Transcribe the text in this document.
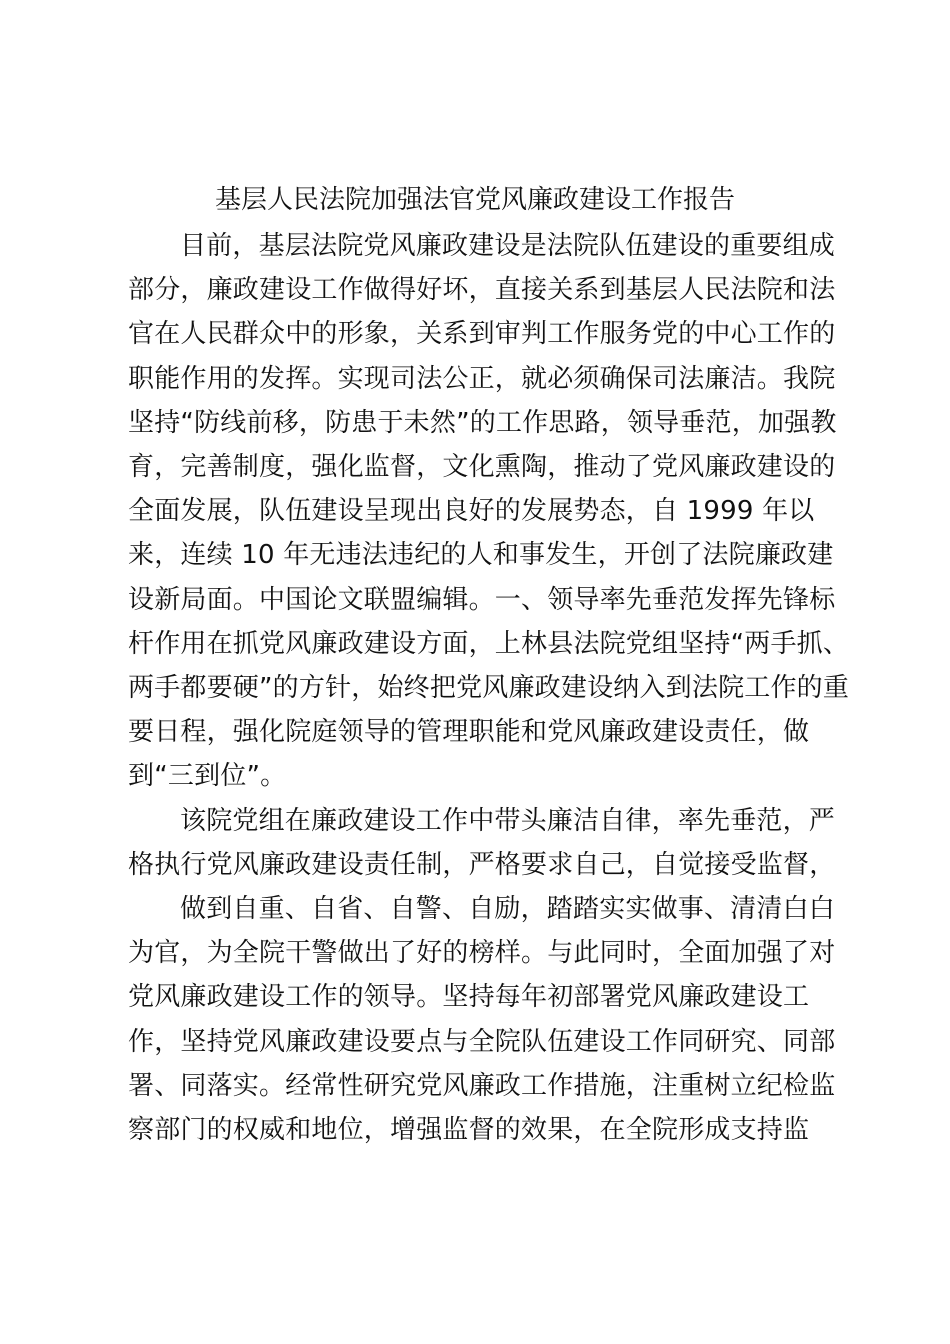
基层人民法院加强法官党风廉政建设工作报告
目前，基层法院党风廉政建设是法院队伍建设的重要组成
部分，廉政建设工作做得好坏，直接关系到基层人民法院和法
官在人民群众中的形象，关系到审判工作服务党的中心工作的
职能作用的发挥。实现司法公正，就必须确保司法廉洁。我院
坚持“防线前移，防患于未然”的工作思路，领导垂范，加强教
育，完善制度，强化监督，文化熏陶，推动了党风廉政建设的
全面发展，队伍建设呈现出良好的发展势态，自 1999 年以
来，连续 10 年无违法违纪的人和事发生，开创了法院廉政建
设新局面。中国论文联盟编辑。一、领导率先垂范发挥先锋标
杆作用在抓党风廉政建设方面，上林县法院党组坚持“两手抓、
两手都要硬”的方针，始终把党风廉政建设纳入到法院工作的重
要日程，强化院庭领导的管理职能和党风廉政建设责任，做
到“三到位”。
该院党组在廉政建设工作中带头廉洁自律，率先垂范，严
格执行党风廉政建设责任制，严格要求自己，自觉接受监督，
做到自重、自省、自警、自励，踏踏实实做事、清清白白
为官，为全院干警做出了好的榜样。与此同时，全面加强了对
党风廉政建设工作的领导。坚持每年初部署党风廉政建设工
作，坚持党风廉政建设要点与全院队伍建设工作同研究、同部
署、同落实。经常性研究党风廉政工作措施，注重树立纪检监
察部门的权威和地位，增强监督的效果，在全院形成支持监
